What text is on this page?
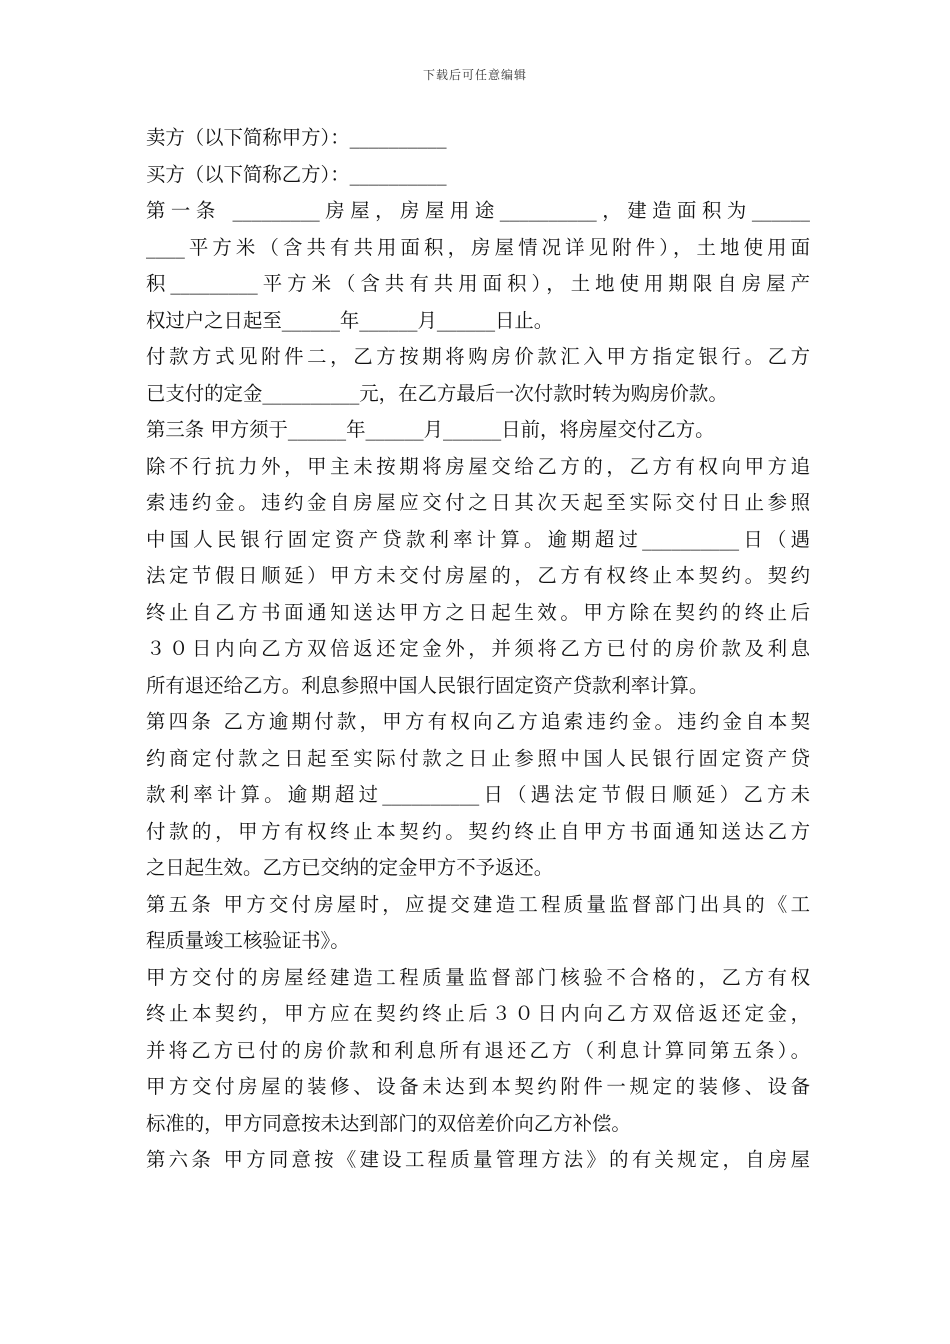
下载后可任意编辑
卖方（以下简称甲方）：__________
买方（以下简称乙方）：__________
第一条 _________房屋，房屋用途__________，建造面积为______
____平方米（含共有共用面积，房屋情况详见附件），土地使用面
积_________平方米（含共有共用面积），土地使用期限自房屋产
权过户之日起至______年______月______日止。
付款方式见附件二，乙方按期将购房价款汇入甲方指定银行。乙方
已支付的定金__________元，在乙方最后一次付款时转为购房价款。
第三条 甲方须于______年______月______日前，将房屋交付乙方。
除不行抗力外，甲主未按期将房屋交给乙方的，乙方有权向甲方追
索违约金。违约金自房屋应交付之日其次天起至实际交付日止参照
中国人民银行固定资产贷款利率计算。逾期超过__________日（遇
法定节假日顺延）甲方未交付房屋的，乙方有权终止本契约。契约
终止自乙方书面通知送达甲方之日起生效。甲方除在契约的终止后
３０日内向乙方双倍返还定金外，并须将乙方已付的房价款及利息
所有退还给乙方。利息参照中国人民银行固定资产贷款利率计算。
第四条 乙方逾期付款，甲方有权向乙方追索违约金。违约金自本契
约商定付款之日起至实际付款之日止参照中国人民银行固定资产贷
款利率计算。逾期超过__________日（遇法定节假日顺延）乙方未
付款的，甲方有权终止本契约。契约终止自甲方书面通知送达乙方
之日起生效。乙方已交纳的定金甲方不予返还。
第五条 甲方交付房屋时，应提交建造工程质量监督部门出具的《工
程质量竣工核验证书》。
甲方交付的房屋经建造工程质量监督部门核验不合格的，乙方有权
终止本契约，甲方应在契约终止后３０日内向乙方双倍返还定金，
并将乙方已付的房价款和利息所有退还乙方（利息计算同第五条）。
甲方交付房屋的装修、设备未达到本契约附件一规定的装修、设备
标准的，甲方同意按未达到部门的双倍差价向乙方补偿。
第六条 甲方同意按《建设工程质量管理方法》的有关规定，自房屋
